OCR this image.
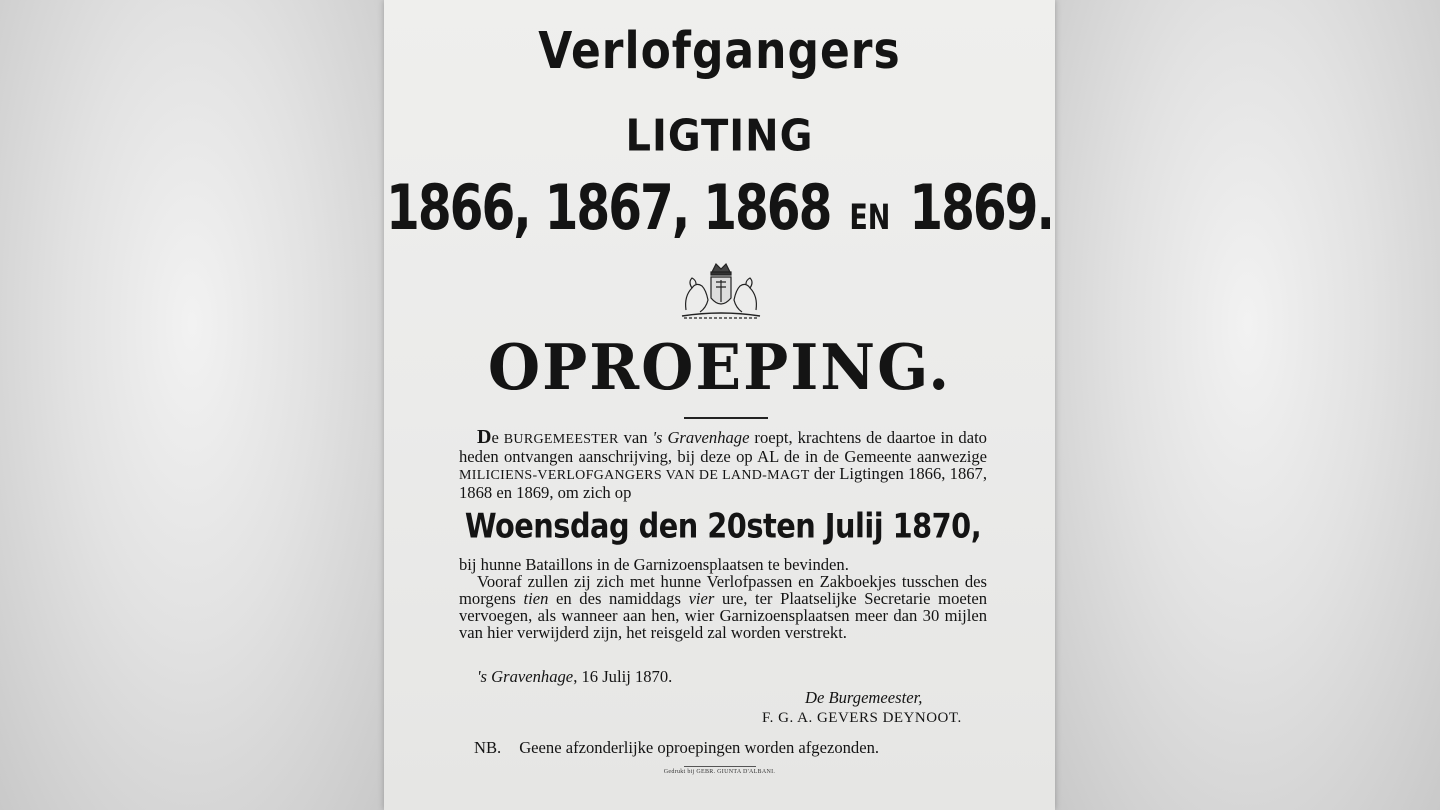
Verlofgangers
LIGTING
1866, 1867, 1868 EN 1869.
OPROEPING.

De BURGEMEESTER van 's Gravenhage roept, krachtens de daartoe in dato heden ontvangen aanschrijving, bij deze op AL de in de Gemeente aanwezige MILICIENS-VERLOFGANGERS VAN DE LAND-MAGT der Ligtingen 1866, 1867, 1868 en 1869, om zich op

Woensdag den 20sten Julij 1870,

bij hunne Bataillons in de Garnizoensplaatsen te bevinden.

Vooraf zullen zij zich met hunne Verlofpassen en Zakboekjes tusschen des morgens tien en des namiddags vier ure, ter Plaatselijke Secretarie moeten vervoegen, als wanneer aan hen, wier Garnizoensplaatsen meer dan 30 mijlen van hier verwijderd zijn, het reisgeld zal worden verstrekt.

's Gravenhage, 16 Julij 1870.
De Burgemeester,
F. G. A. GEVERS DEYNOOT.
NB. Geene afzonderlijke oproepingen worden afgezonden.
Gedrukt bij GEBR. GIUNTA D'ALBANI.
